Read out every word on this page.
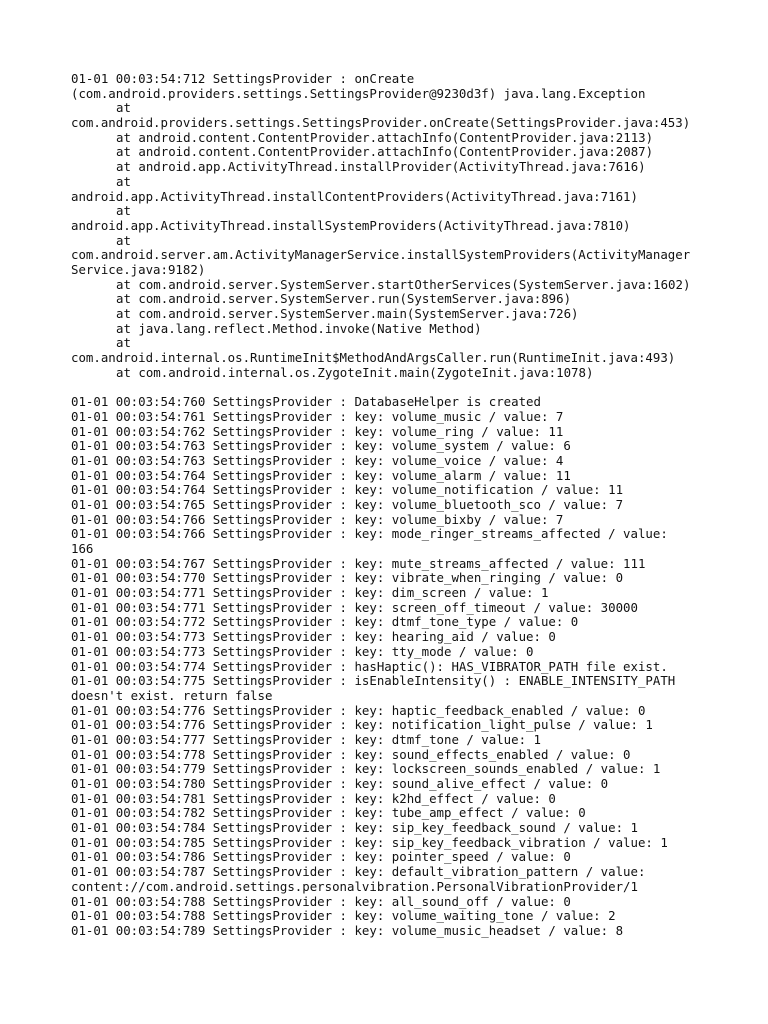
01-01 00:03:54:712 SettingsProvider : onCreate
(com.android.providers.settings.SettingsProvider@9230d3f) java.lang.Exception
at
com.android.providers.settings.SettingsProvider.onCreate(SettingsProvider.java:453)
at android.content.ContentProvider.attachInfo(ContentProvider.java:2113)
at android.content.ContentProvider.attachInfo(ContentProvider.java:2087)
at android.app.ActivityThread.installProvider(ActivityThread.java:7616)
at
android.app.ActivityThread.installContentProviders(ActivityThread.java:7161)
at
android.app.ActivityThread.installSystemProviders(ActivityThread.java:7810)
at
com.android.server.am.ActivityManagerService.installSystemProviders(ActivityManager
Service.java:9182)
at com.android.server.SystemServer.startOtherServices(SystemServer.java:1602)
at com.android.server.SystemServer.run(SystemServer.java:896)
at com.android.server.SystemServer.main(SystemServer.java:726)
at java.lang.reflect.Method.invoke(Native Method)
at
com.android.internal.os.RuntimeInit$MethodAndArgsCaller.run(RuntimeInit.java:493)
at com.android.internal.os.ZygoteInit.main(ZygoteInit.java:1078)
01-01 00:03:54:760 SettingsProvider : DatabaseHelper is created
01-01 00:03:54:761 SettingsProvider : key: volume_music / value: 7
01-01 00:03:54:762 SettingsProvider : key: volume_ring / value: 11
01-01 00:03:54:763 SettingsProvider : key: volume_system / value: 6
01-01 00:03:54:763 SettingsProvider : key: volume_voice / value: 4
01-01 00:03:54:764 SettingsProvider : key: volume_alarm / value: 11
01-01 00:03:54:764 SettingsProvider : key: volume_notification / value: 11
01-01 00:03:54:765 SettingsProvider : key: volume_bluetooth_sco / value: 7
01-01 00:03:54:766 SettingsProvider : key: volume_bixby / value: 7
01-01 00:03:54:766 SettingsProvider : key: mode_ringer_streams_affected / value:
166
01-01 00:03:54:767 SettingsProvider : key: mute_streams_affected / value: 111
01-01 00:03:54:770 SettingsProvider : key: vibrate_when_ringing / value: 0
01-01 00:03:54:771 SettingsProvider : key: dim_screen / value: 1
01-01 00:03:54:771 SettingsProvider : key: screen_off_timeout / value: 30000
01-01 00:03:54:772 SettingsProvider : key: dtmf_tone_type / value: 0
01-01 00:03:54:773 SettingsProvider : key: hearing_aid / value: 0
01-01 00:03:54:773 SettingsProvider : key: tty_mode / value: 0
01-01 00:03:54:774 SettingsProvider : hasHaptic(): HAS_VIBRATOR_PATH file exist.
01-01 00:03:54:775 SettingsProvider : isEnableIntensity() : ENABLE_INTENSITY_PATH
doesn't exist. return false
01-01 00:03:54:776 SettingsProvider : key: haptic_feedback_enabled / value: 0
01-01 00:03:54:776 SettingsProvider : key: notification_light_pulse / value: 1
01-01 00:03:54:777 SettingsProvider : key: dtmf_tone / value: 1
01-01 00:03:54:778 SettingsProvider : key: sound_effects_enabled / value: 0
01-01 00:03:54:779 SettingsProvider : key: lockscreen_sounds_enabled / value: 1
01-01 00:03:54:780 SettingsProvider : key: sound_alive_effect / value: 0
01-01 00:03:54:781 SettingsProvider : key: k2hd_effect / value: 0
01-01 00:03:54:782 SettingsProvider : key: tube_amp_effect / value: 0
01-01 00:03:54:784 SettingsProvider : key: sip_key_feedback_sound / value: 1
01-01 00:03:54:785 SettingsProvider : key: sip_key_feedback_vibration / value: 1
01-01 00:03:54:786 SettingsProvider : key: pointer_speed / value: 0
01-01 00:03:54:787 SettingsProvider : key: default_vibration_pattern / value:
content://com.android.settings.personalvibration.PersonalVibrationProvider/1
01-01 00:03:54:788 SettingsProvider : key: all_sound_off / value: 0
01-01 00:03:54:788 SettingsProvider : key: volume_waiting_tone / value: 2
01-01 00:03:54:789 SettingsProvider : key: volume_music_headset / value: 8
